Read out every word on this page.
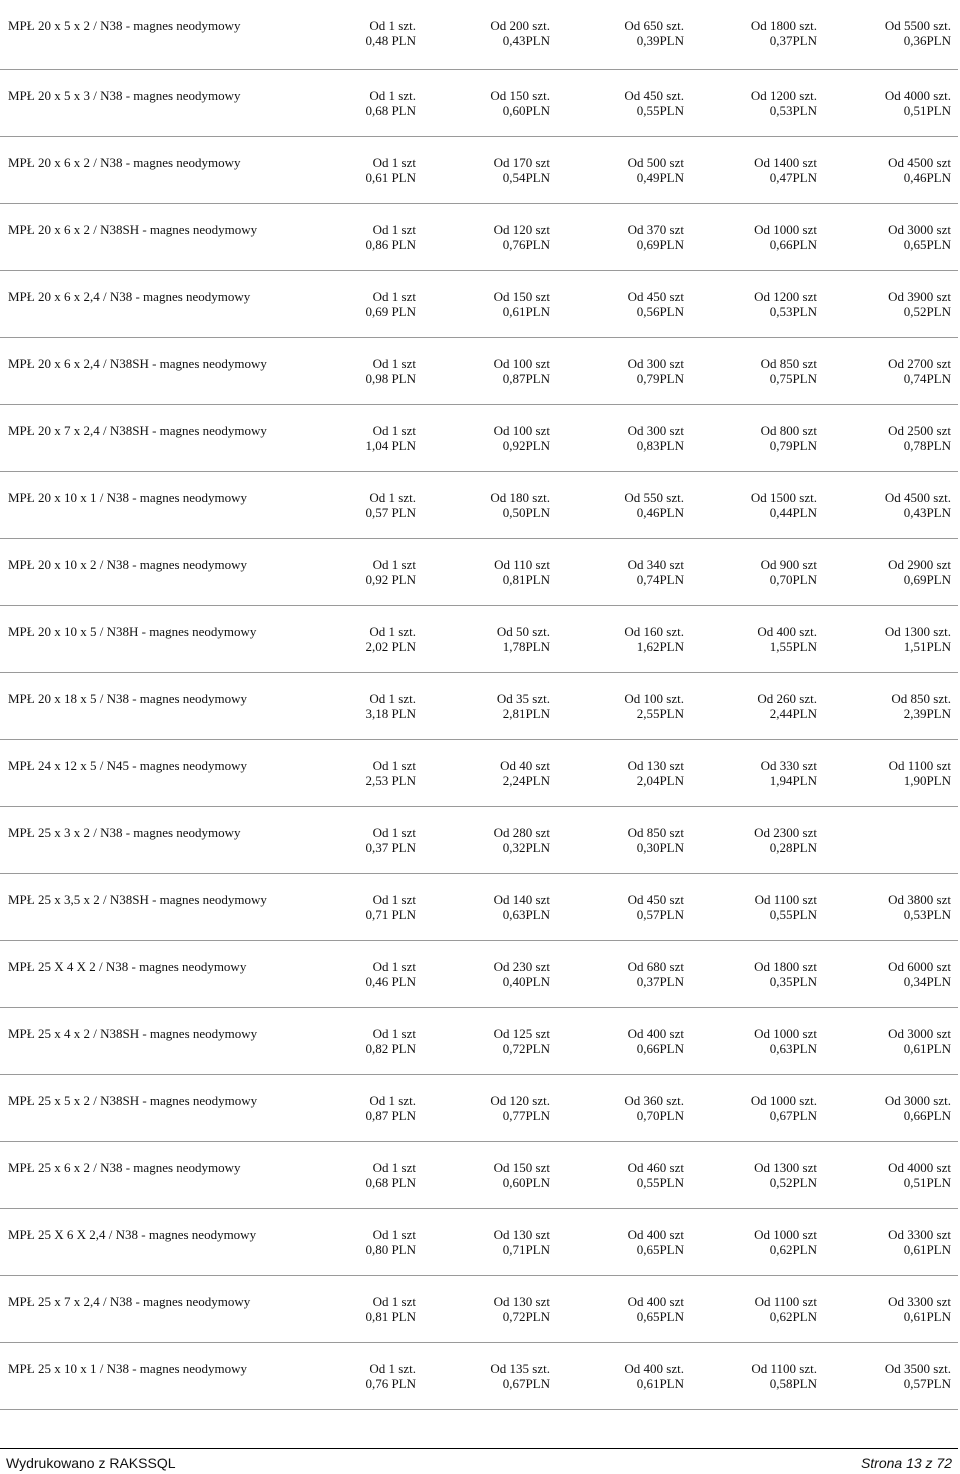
MPŁ 20 x 5 x 2 / N38 - magnes neodymowy	Od 1 szt.
0,48 PLN
Od 200 szt.
0,43PLN
Od 650 szt.
0,39PLN
Od 1800 szt.
0,37PLN
Od 5500 szt.
0,36PLN
MPŁ 20 x 5 x 3 / N38 - magnes neodymowy	Od 1 szt.
0,68 PLN
Od 150 szt.
0,60PLN
Od 450 szt.
0,55PLN
Od 1200 szt.
0,53PLN
Od 4000 szt.
0,51PLN
MPŁ 20 x 6 x 2 / N38 - magnes neodymowy	Od 1 szt
0,61 PLN
Od 170 szt
0,54PLN
Od 500 szt
0,49PLN
Od 1400 szt
0,47PLN
Od 4500 szt
0,46PLN
MPŁ 20 x 6 x 2 / N38SH - magnes neodymowy	Od 1 szt
0,86 PLN
Od 120 szt
0,76PLN
Od 370 szt
0,69PLN
Od 1000 szt
0,66PLN
Od 3000 szt
0,65PLN
MPŁ 20 x 6 x 2,4 / N38 - magnes neodymowy	Od 1 szt
0,69 PLN
Od 150 szt
0,61PLN
Od 450 szt
0,56PLN
Od 1200 szt
0,53PLN
Od 3900 szt
0,52PLN
MPŁ 20 x 6 x 2,4 / N38SH - magnes neodymowy	Od 1 szt
0,98 PLN
Od 100 szt
0,87PLN
Od 300 szt
0,79PLN
Od 850 szt
0,75PLN
Od 2700 szt
0,74PLN
MPŁ 20 x 7 x 2,4 / N38SH - magnes neodymowy	Od 1 szt
1,04 PLN
Od 100 szt
0,92PLN
Od 300 szt
0,83PLN
Od 800 szt
0,79PLN
Od 2500 szt
0,78PLN
MPŁ 20 x 10 x 1 / N38 - magnes neodymowy	Od 1 szt.
0,57 PLN
Od 180 szt.
0,50PLN
Od 550 szt.
0,46PLN
Od 1500 szt.
0,44PLN
Od 4500 szt.
0,43PLN
MPŁ 20 x 10 x 2 / N38 - magnes neodymowy	Od 1 szt
0,92 PLN
Od 110 szt
0,81PLN
Od 340 szt
0,74PLN
Od 900 szt
0,70PLN
Od 2900 szt
0,69PLN
MPŁ 20 x 10 x 5 / N38H - magnes neodymowy	Od 1 szt.
2,02 PLN
Od 50 szt.
1,78PLN
Od 160 szt.
1,62PLN
Od 400 szt.
1,55PLN
Od 1300 szt.
1,51PLN
MPŁ 20 x 18 x 5 / N38 - magnes neodymowy	Od 1 szt.
3,18 PLN
Od 35 szt.
2,81PLN
Od 100 szt.
2,55PLN
Od 260 szt.
2,44PLN
Od 850 szt.
2,39PLN
MPŁ 24 x 12 x 5 / N45 - magnes neodymowy	Od 1 szt
2,53 PLN
Od 40 szt
2,24PLN
Od 130 szt
2,04PLN
Od 330 szt
1,94PLN
Od 1100 szt
1,90PLN
MPŁ 25 x 3 x 2 / N38 - magnes neodymowy	Od 1 szt
0,37 PLN
Od 280 szt
0,32PLN
Od 850 szt
0,30PLN
Od 2300 szt
0,28PLN
MPŁ 25 x 3,5 x 2 / N38SH - magnes neodymowy	Od 1 szt
0,71 PLN
Od 140 szt
0,63PLN
Od 450 szt
0,57PLN
Od 1100 szt
0,55PLN
Od 3800 szt
0,53PLN
MPŁ 25 X 4 X 2 / N38 - magnes neodymowy	Od 1 szt
0,46 PLN
Od 230 szt
0,40PLN
Od 680 szt
0,37PLN
Od 1800 szt
0,35PLN
Od 6000 szt
0,34PLN
MPŁ 25 x 4 x 2 / N38SH - magnes neodymowy	Od 1 szt
0,82 PLN
Od 125 szt
0,72PLN
Od 400 szt
0,66PLN
Od 1000 szt
0,63PLN
Od 3000 szt
0,61PLN
MPŁ 25 x 5 x 2 / N38SH - magnes neodymowy	Od 1 szt.
0,87 PLN
Od 120 szt.
0,77PLN
Od 360 szt.
0,70PLN
Od 1000 szt.
0,67PLN
Od 3000 szt.
0,66PLN
MPŁ 25 x 6 x 2 / N38 - magnes neodymowy	Od 1 szt
0,68 PLN
Od 150 szt
0,60PLN
Od 460 szt
0,55PLN
Od 1300 szt
0,52PLN
Od 4000 szt
0,51PLN
MPŁ 25 X 6 X 2,4 / N38 - magnes neodymowy	Od 1 szt
0,80 PLN
Od 130 szt
0,71PLN
Od 400 szt
0,65PLN
Od 1000 szt
0,62PLN
Od 3300 szt
0,61PLN
MPŁ 25 x 7 x 2,4 / N38 - magnes neodymowy	Od 1 szt
0,81 PLN
Od 130 szt
0,72PLN
Od 400 szt
0,65PLN
Od 1100 szt
0,62PLN
Od 3300 szt
0,61PLN
MPŁ 25 x 10 x 1 / N38 - magnes neodymowy	Od 1 szt.
0,76 PLN
Od 135 szt.
0,67PLN
Od 400 szt.
0,61PLN
Od 1100 szt.
0,58PLN
Od 3500 szt.
0,57PLN
Wydrukowano z RAKSSQL	Strona 13 z 72
